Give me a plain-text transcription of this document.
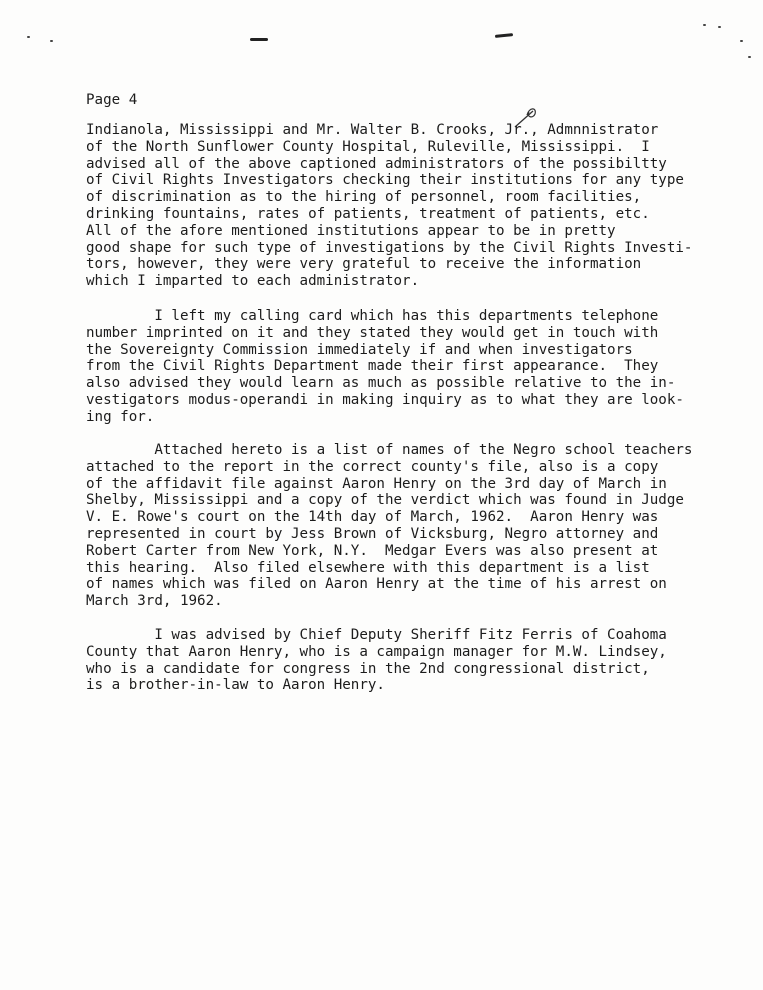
Page 4

Indianola, Mississippi and Mr. Walter B. Crooks, Jr., Admnnistrator
of the North Sunflower County Hospital, Ruleville, Mississippi.  I
advised all of the above captioned administrators of the possibiltty
of Civil Rights Investigators checking their institutions for any type
of discrimination as to the hiring of personnel, room facilities,
drinking fountains, rates of patients, treatment of patients, etc.
All of the afore mentioned institutions appear to be in pretty
good shape for such type of investigations by the Civil Rights Investi-
tors, however, they were very grateful to receive the information
which I imparted to each administrator.

I left my calling card which has this departments telephone
number imprinted on it and they stated they would get in touch with
the Sovereignty Commission immediately if and when investigators
from the Civil Rights Department made their first appearance.  They
also advised they would learn as much as possible relative to the in-
vestigators modus-operandi in making inquiry as to what they are look-
ing for.

Attached hereto is a list of names of the Negro school teachers
attached to the report in the correct county's file, also is a copy
of the affidavit file against Aaron Henry on the 3rd day of March in
Shelby, Mississippi and a copy of the verdict which was found in Judge
V. E. Rowe's court on the 14th day of March, 1962.  Aaron Henry was
represented in court by Jess Brown of Vicksburg, Negro attorney and
Robert Carter from New York, N.Y.  Medgar Evers was also present at
this hearing.  Also filed elsewhere with this department is a list
of names which was filed on Aaron Henry at the time of his arrest on
March 3rd, 1962.

I was advised by Chief Deputy Sheriff Fitz Ferris of Coahoma
County that Aaron Henry, who is a campaign manager for M.W. Lindsey,
who is a candidate for congress in the 2nd congressional district,
is a brother-in-law to Aaron Henry.
